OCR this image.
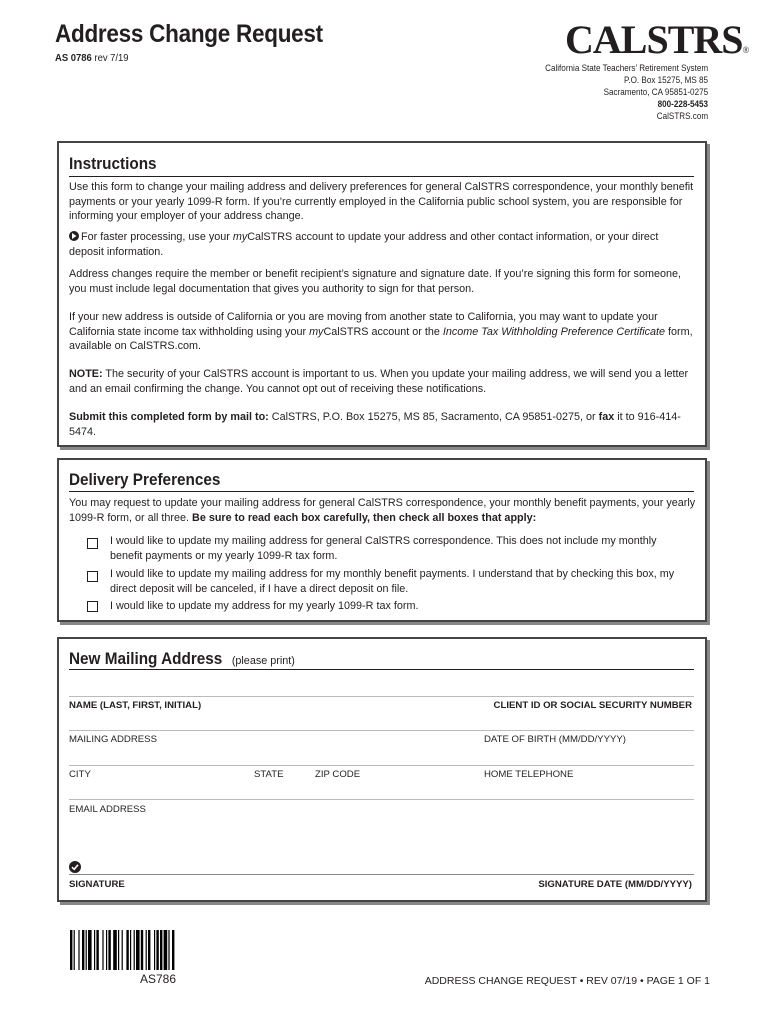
Address Change Request
AS 0786 rev 7/19	CALSTRS®
California State Teachers’ Retirement System
P.O. Box 15275, MS 85
Sacramento, CA 95851-0275
800-228-5453
CalSTRS.com
Instructions
Use this form to change your mailing address and delivery preferences for general CalSTRS correspondence, your monthly benefit payments or your yearly 1099-R form. If you’re currently employed in the California public school system, you are responsible for informing your employer of your address change.
For faster processing, use your myCalSTRS account to update your address and other contact information, or your direct deposit information.
Address changes require the member or benefit recipient’s signature and signature date. If you’re signing this form for someone, you must include legal documentation that gives you authority to sign for that person.
If your new address is outside of California or you are moving from another state to California, you may want to update your California state income tax withholding using your myCalSTRS account or the Income Tax Withholding Preference Certificate form, available on CalSTRS.com.
NOTE: The security of your CalSTRS account is important to us. When you update your mailing address, we will send you a letter and an email confirming the change. You cannot opt out of receiving these notifications.
Submit this completed form by mail to: CalSTRS, P.O. Box 15275, MS 85, Sacramento, CA 95851-0275, or fax it to 916-414-5474.
Delivery Preferences
You may request to update your mailing address for general CalSTRS correspondence, your monthly benefit payments, your yearly 1099-R form, or all three. Be sure to read each box carefully, then check all boxes that apply:
I would like to update my mailing address for general CalSTRS correspondence. This does not include my monthly benefit payments or my yearly 1099-R tax form.
I would like to update my mailing address for my monthly benefit payments. I understand that by checking this box, my direct deposit will be canceled, if I have a direct deposit on file.
I would like to update my address for my yearly 1099-R tax form.
New Mailing Address (please print)
NAME (LAST, FIRST, INITIAL)	CLIENT ID OR SOCIAL SECURITY NUMBER
MAILING ADDRESS	DATE OF BIRTH (MM/DD/YYYY)
CITY	STATE	ZIP CODE	HOME TELEPHONE
EMAIL ADDRESS
SIGNATURE	SIGNATURE DATE (MM/DD/YYYY)
AS786	ADDRESS CHANGE REQUEST • REV 07/19 • PAGE 1 OF 1
